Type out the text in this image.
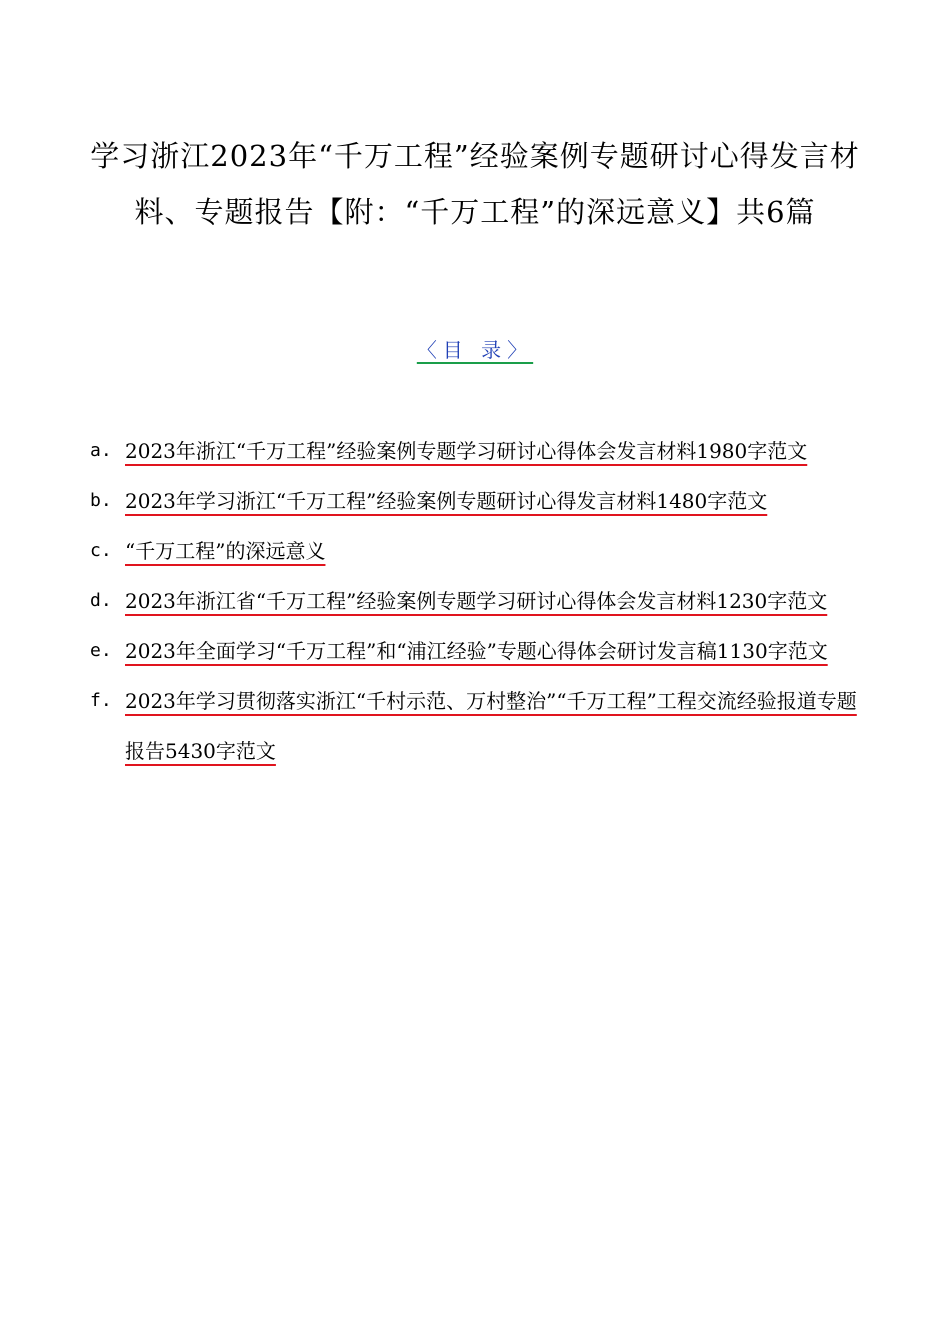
学习浙江2023年“千万工程”经验案例专题研讨心得发言材料、专题报告【附：“千万工程”的深远意义】共6篇
〈目 录〉
a. 2023年浙江“千万工程”经验案例专题学习研讨心得体会发言材料1980字范文
b. 2023年学习浙江“千万工程”经验案例专题研讨心得发言材料1480字范文
c. “千万工程”的深远意义
d. 2023年浙江省“千万工程”经验案例专题学习研讨心得体会发言材料1230字范文
e. 2023年全面学习“千万工程”和“浦江经验”专题心得体会研讨发言稿1130字范文
f. 2023年学习贯彻落实浙江“千村示范、万村整治”“千万工程”工程交流经验报道专题报告5430字范文
